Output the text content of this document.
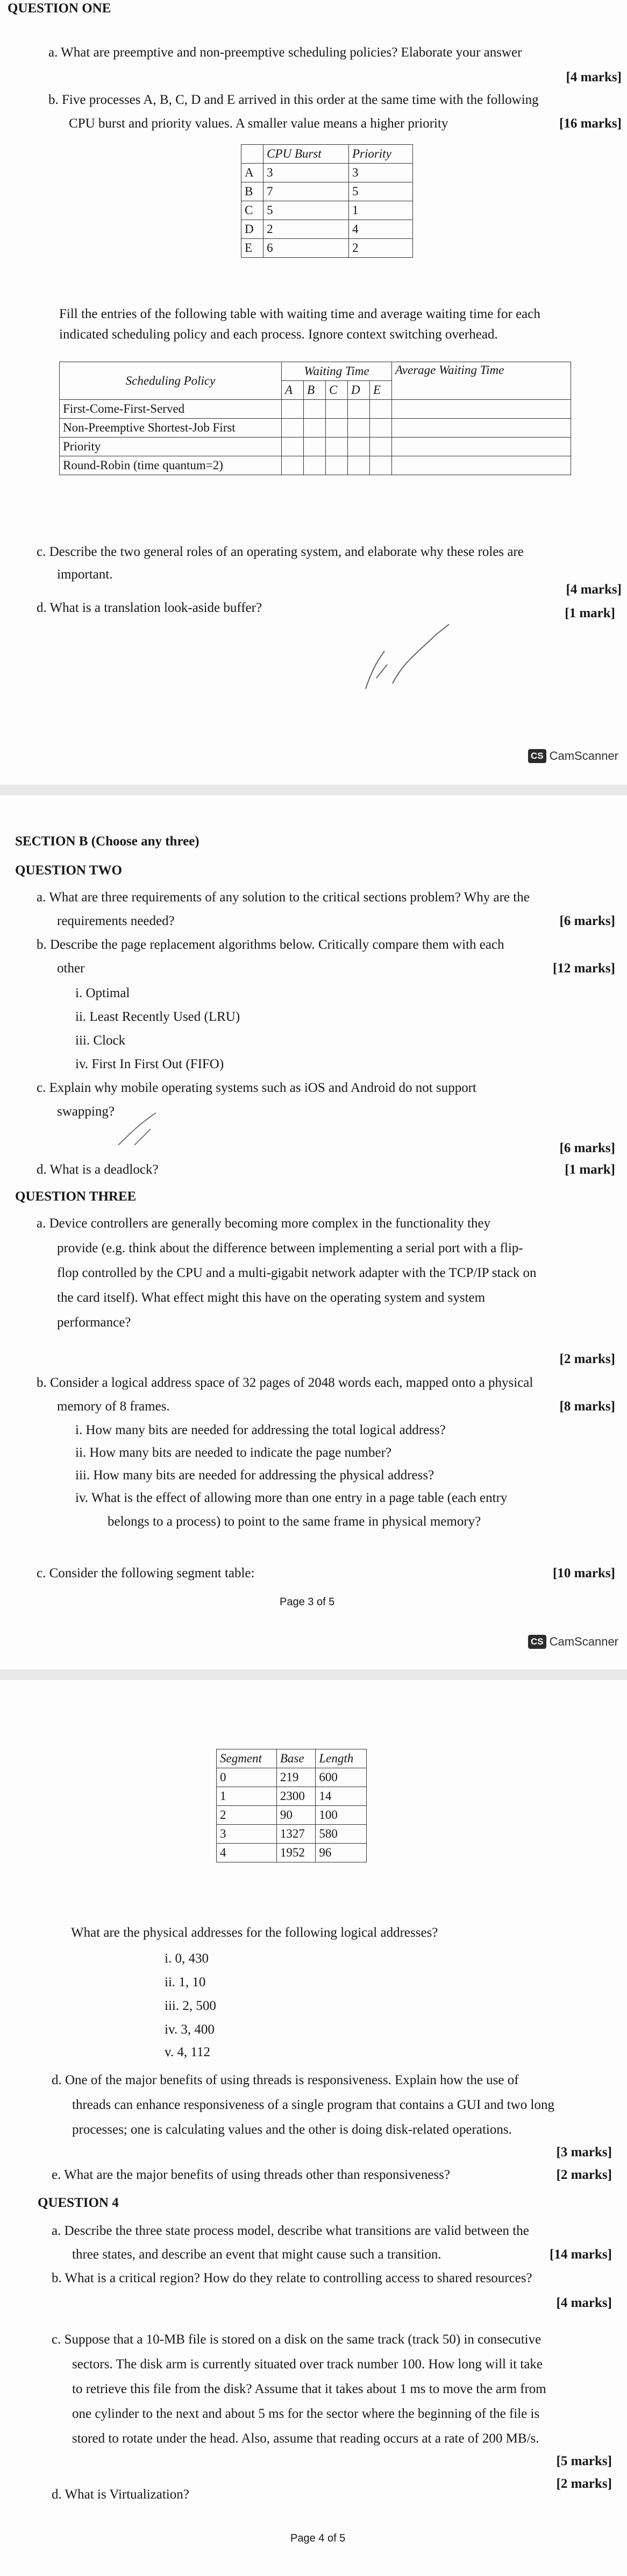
QUESTION ONE
a. What are preemptive and non-preemptive scheduling policies? Elaborate your answer
[4 marks]
b. Five processes A, B, C, D and E arrived in this order at the same time with the following
CPU burst and priority values. A smaller value means a higher priority	[16 marks]
	CPU Burst	Priority
A	3	3
B	7	5
C	5	1
D	2	4
E	6	2
Fill the entries of the following table with waiting time and average waiting time for each
indicated scheduling policy and each process. Ignore context switching overhead.
Scheduling Policy	Waiting Time					Average Waiting Time
	A	B	C	D	E	
First-Come-First-Served						
Non-Preemptive Shortest-Job First						
Priority						
Round-Robin (time quantum=2)						
c. Describe the two general roles of an operating system, and elaborate why these roles are
important.
[4 marks]
d. What is a translation look-aside buffer?	[1 mark]
CS CamScanner
SECTION B (Choose any three)
QUESTION TWO
a. What are three requirements of any solution to the critical sections problem? Why are the
requirements needed?	[6 marks]
b. Describe the page replacement algorithms below. Critically compare them with each
other	[12 marks]
i. Optimal
ii. Least Recently Used (LRU)
iii. Clock
iv. First In First Out (FIFO)
c. Explain why mobile operating systems such as iOS and Android do not support
swapping?
[6 marks]
d. What is a deadlock?	[1 mark]
QUESTION THREE
a. Device controllers are generally becoming more complex in the functionality they
provide (e.g. think about the difference between implementing a serial port with a flip-
flop controlled by the CPU and a multi-gigabit network adapter with the TCP/IP stack on
the card itself). What effect might this have on the operating system and system
performance?
[2 marks]
b. Consider a logical address space of 32 pages of 2048 words each, mapped onto a physical
memory of 8 frames.	[8 marks]
i. How many bits are needed for addressing the total logical address?
ii. How many bits are needed to indicate the page number?
iii. How many bits are needed for addressing the physical address?
iv. What is the effect of allowing more than one entry in a page table (each entry
belongs to a process) to point to the same frame in physical memory?
c. Consider the following segment table:	[10 marks]
Page 3 of 5
CS CamScanner
Segment	Base	Length
0	219	600
1	2300	14
2	90	100
3	1327	580
4	1952	96
What are the physical addresses for the following logical addresses?
i. 0, 430
ii. 1, 10
iii. 2, 500
iv. 3, 400
v. 4, 112
d. One of the major benefits of using threads is responsiveness. Explain how the use of
threads can enhance responsiveness of a single program that contains a GUI and two long
processes; one is calculating values and the other is doing disk-related operations.
[3 marks]
e. What are the major benefits of using threads other than responsiveness?	[2 marks]
QUESTION 4
a. Describe the three state process model, describe what transitions are valid between the
three states, and describe an event that might cause such a transition.	[14 marks]
b. What is a critical region? How do they relate to controlling access to shared resources?
[4 marks]
c. Suppose that a 10-MB file is stored on a disk on the same track (track 50) in consecutive
sectors. The disk arm is currently situated over track number 100. How long will it take
to retrieve this file from the disk? Assume that it takes about 1 ms to move the arm from
one cylinder to the next and about 5 ms for the sector where the beginning of the file is
stored to rotate under the head. Also, assume that reading occurs at a rate of 200 MB/s.
[5 marks]
[2 marks]
d. What is Virtualization?
Page 4 of 5
